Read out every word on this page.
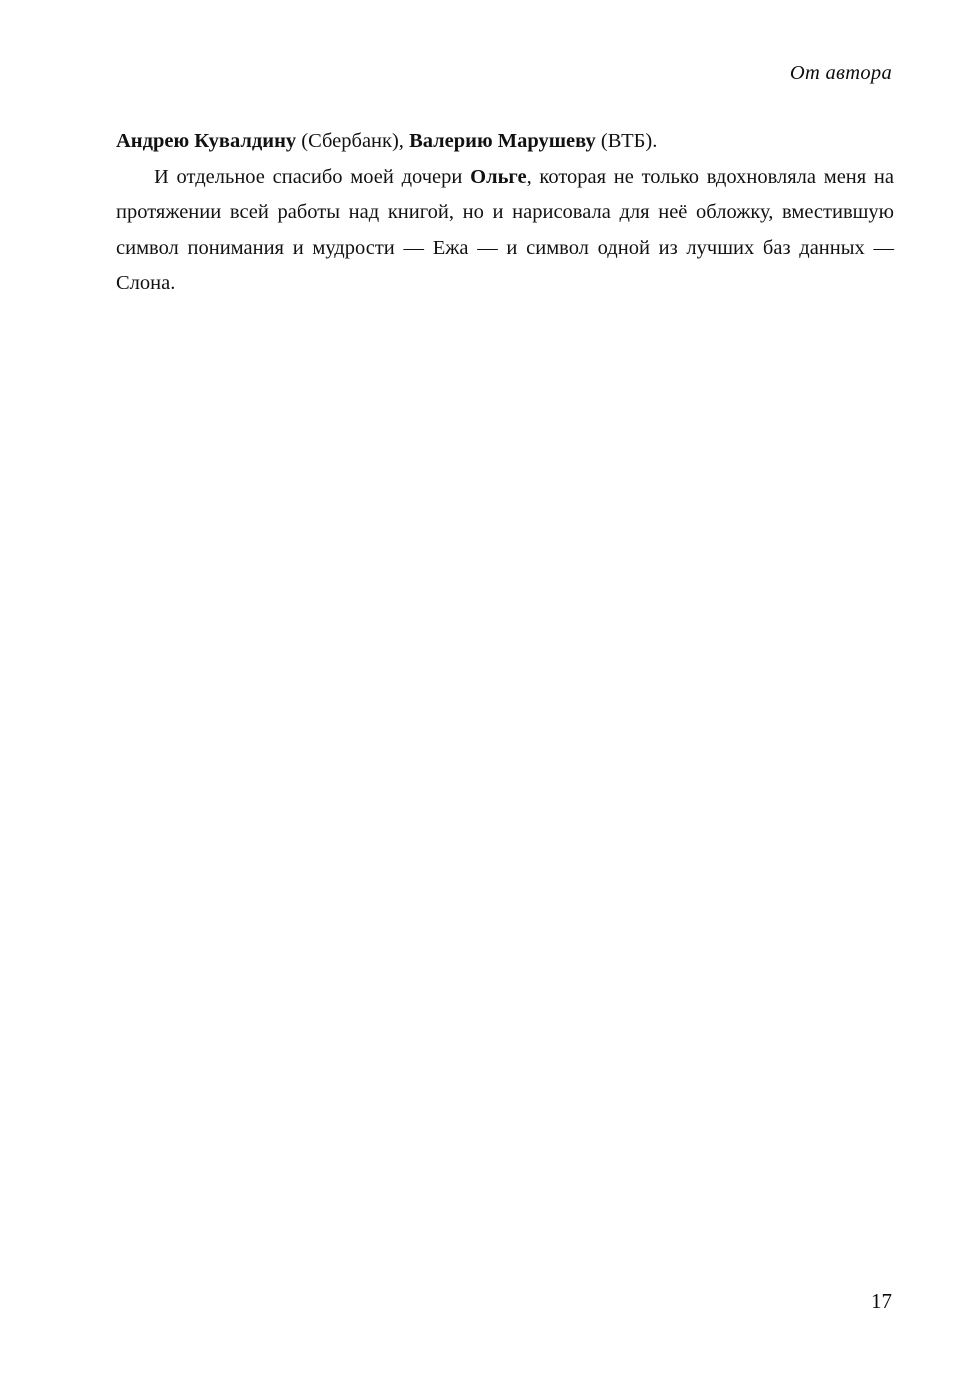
От автора

Андрею Кувалдину (Сбербанк), Валерию Марушеву (ВТБ).

И отдельное спасибо моей дочери Ольге, которая не только вдохновляла меня на протяжении всей работы над книгой, но и нарисовала для неё обложку, вместившую символ понимания и мудрости — Ежа — и символ одной из лучших баз данных — Слона.

17
